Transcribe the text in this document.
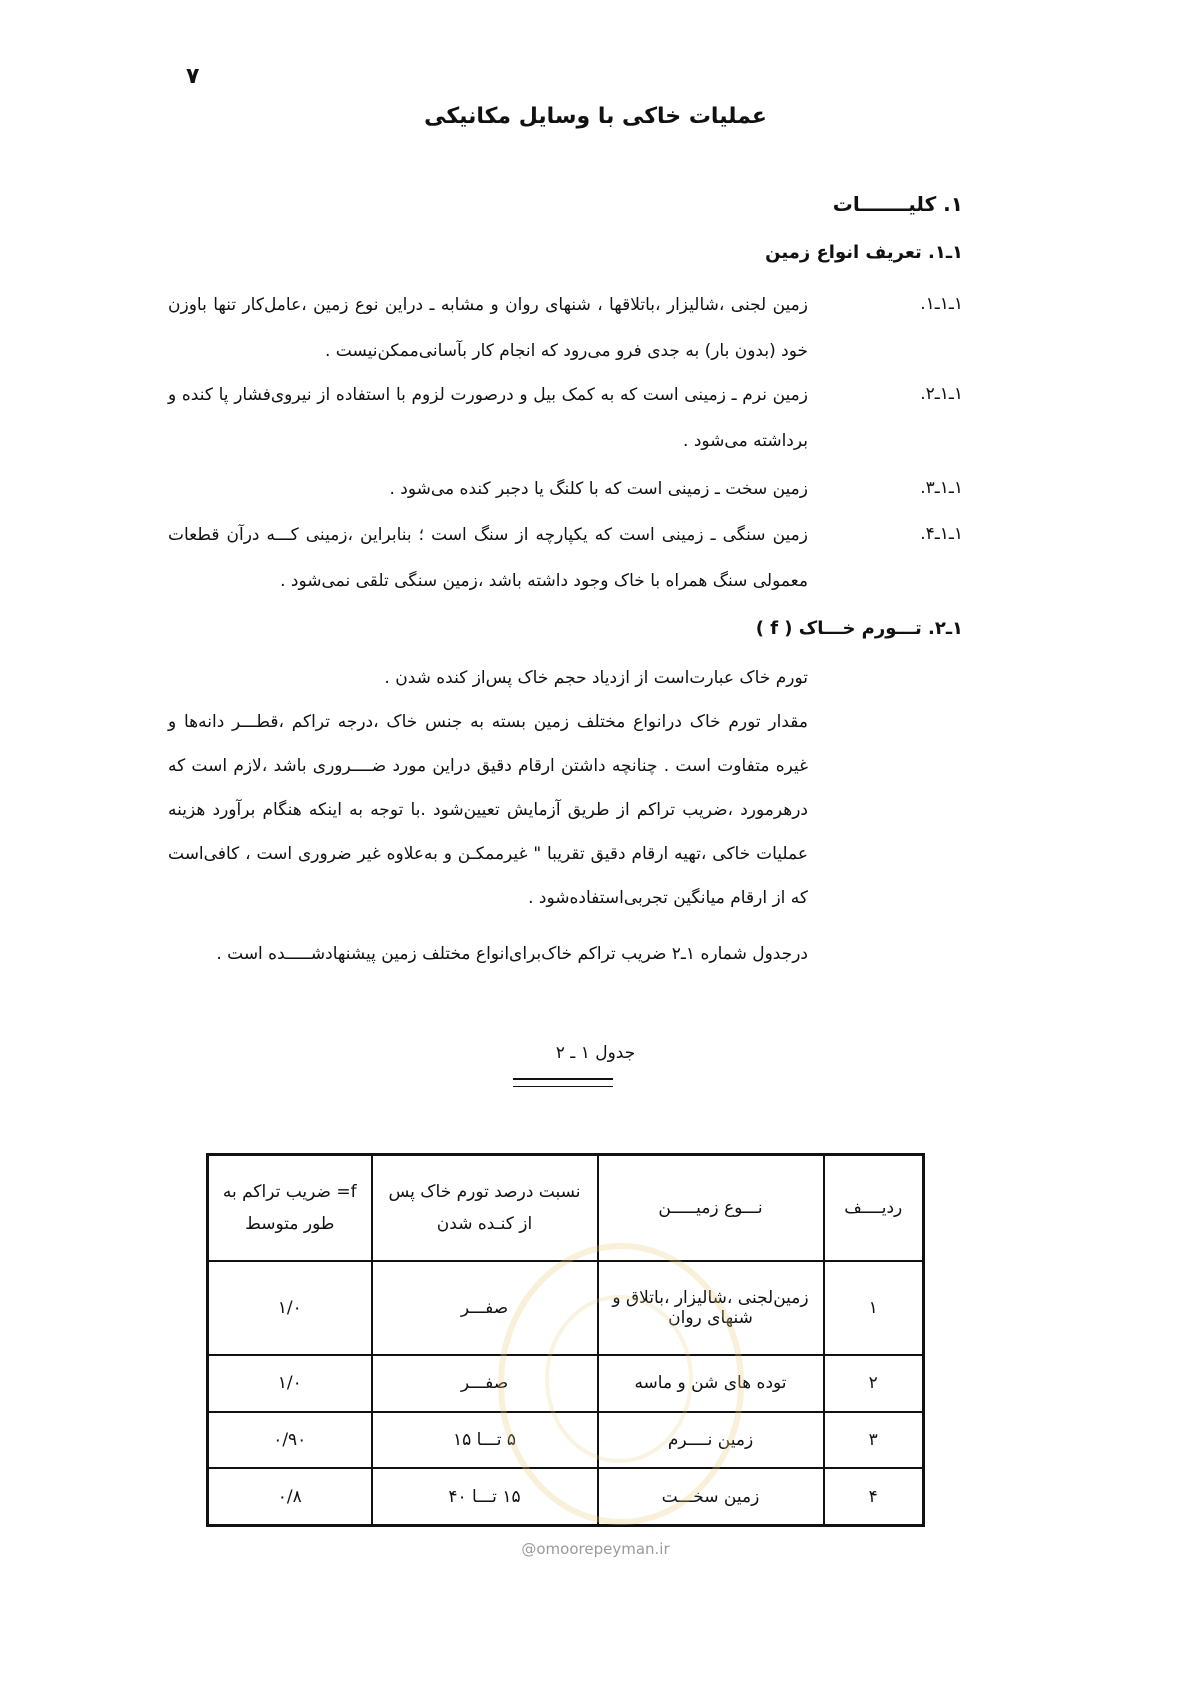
۷
عملیات خاکی با وسایل مکانیکی
۱. کلیـــــــات
۱ـ۱. تعریف انواع زمین
۱ـ۱ـ۱.
زمین لجنی ،شالیزار ،باتلاقها ، شنهای روان و مشابه ـ دراین نوع زمین ،عامل‌کار تنها باوزن خود (بدون بار) به جدی فرو می‌رود که انجام کار بآسانی‌ممکن‌نیست .
۱ـ۱ـ۲.
زمین نرم ـ زمینی است که به کمک بیل و درصورت لزوم با استفاده از نیروی‌فشار پا کنده و برداشته می‌شود .
۱ـ۱ـ۳.
زمین سخت ـ زمینی است که با کلنگ یا دجبر کنده می‌شود .
۱ـ۱ـ۴.
زمین سنگی ـ زمینی است که یکپارچه از سنگ است ؛ بنابراین ،زمینی کـــه درآن قطعات معمولی سنگ همراه با خاک وجود داشته باشد ،زمین سنگی تلقی نمی‌شود .
۱ـ۲. تـــورم خـــاک ( f )
تورم خاک عبارت‌است از ازدیاد حجم خاک پس‌از کنده شدن .
مقدار تورم خاک درانواع مختلف زمین بسته به جنس خاک ،درجه تراکم ،قطـــر دانه‌ها و غیره متفاوت است . چنانچه داشتن ارقام دقیق دراین مورد ضــــروری باشد ،لازم است که درهرمورد ،ضریب تراکم از طریق آزمایش تعیین‌شود .با توجه به اینکه هنگام برآورد هزینه عملیات خاکی ،تهیه ارقام دقیق تقریبا " غیرممکـن و به‌علاوه غیر ضروری است ، کافی‌است که از ارقام میانگین تجربی‌استفاده‌شود .
درجدول شماره ۱ـ۲ ضریب تراکم خاک‌برای‌انواع مختلف زمین پیشنهادشـــــده است .
جدول ۱ ـ ۲
ردیــــف	نـــوع زمیـــــن	نسبت درصد تورم خاک پس از کنـده شدن	f= ضریب تراکم به طور متوسط
۱	زمین‌لجنی ،شالیزار ،باتلاق و شنهای روان	صفـــر	۱/۰
۲	توده های شن و ماسه	صفـــر	۱/۰
۳	زمین نــــرم	۵ تـــا ۱۵	۰/۹۰
۴	زمین سخـــت	۱۵ تـــا ۴۰	۰/۸
@omoorepeyman.ir
